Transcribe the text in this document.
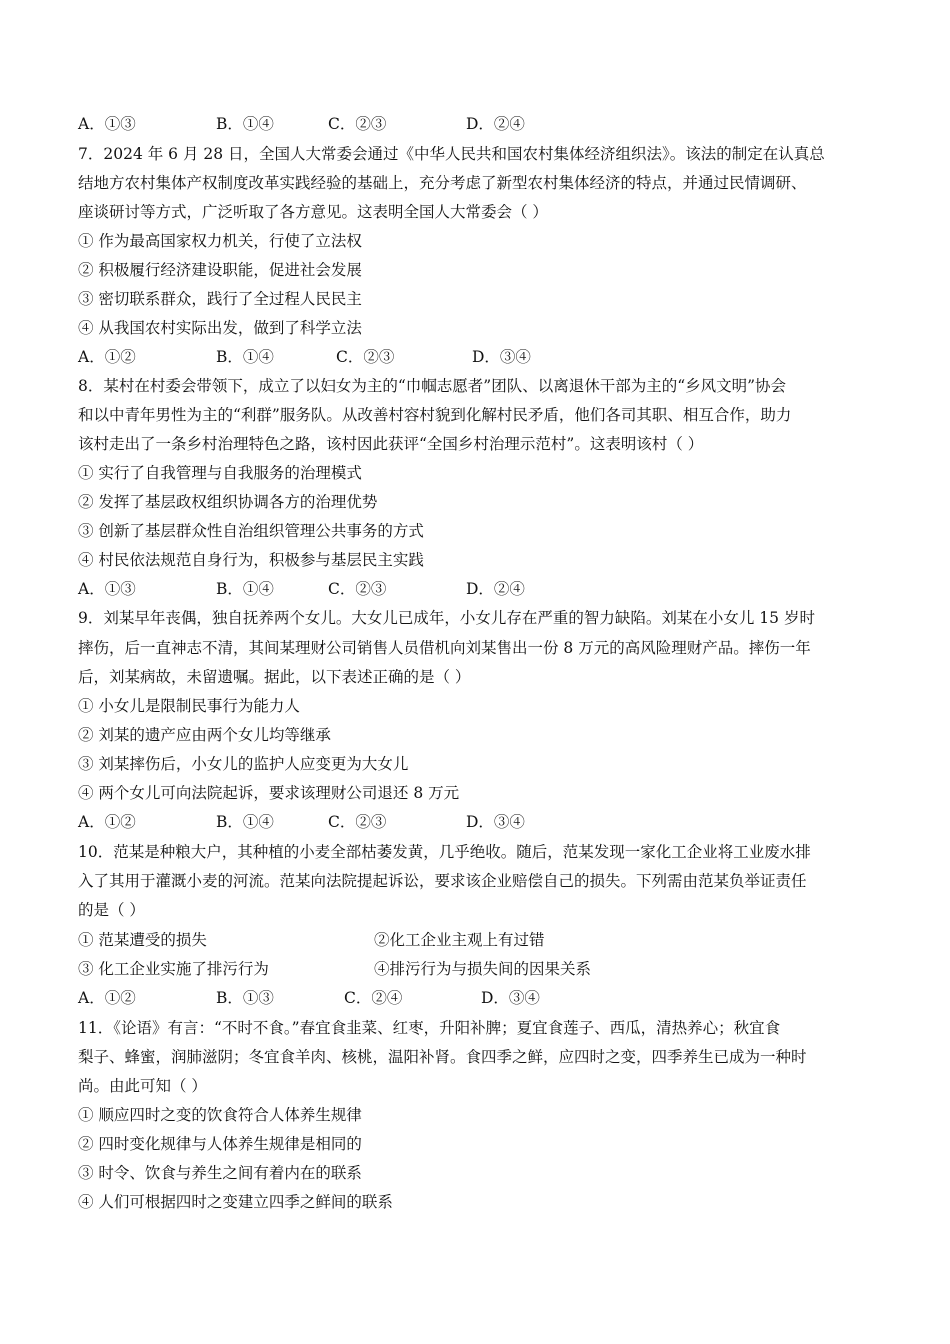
A．①③	B．①④	C．②③	D．②④
7．2024 年 6 月 28 日，全国人大常委会通过《中华人民共和国农村集体经济组织法》。该法的制定在认真总
结地方农村集体产权制度改革实践经验的基础上，充分考虑了新型农村集体经济的特点，并通过民情调研、
座谈研讨等方式，广泛听取了各方意见。这表明全国人大常委会（ ）
① 作为最高国家权力机关，行使了立法权
② 积极履行经济建设职能，促进社会发展
③ 密切联系群众，践行了全过程人民民主
④ 从我国农村实际出发，做到了科学立法
A．①②	B．①④	C．②③	D．③④
8．某村在村委会带领下，成立了以妇女为主的“巾帼志愿者”团队、以离退休干部为主的“乡风文明”协会
和以中青年男性为主的“利群”服务队。从改善村容村貌到化解村民矛盾，他们各司其职、相互合作，助力
该村走出了一条乡村治理特色之路，该村因此获评“全国乡村治理示范村”。这表明该村（ ）
① 实行了自我管理与自我服务的治理模式
② 发挥了基层政权组织协调各方的治理优势
③ 创新了基层群众性自治组织管理公共事务的方式
④ 村民依法规范自身行为，积极参与基层民主实践
A．①③	B．①④	C．②③	D．②④
9．刘某早年丧偶，独自抚养两个女儿。大女儿已成年，小女儿存在严重的智力缺陷。刘某在小女儿 15 岁时
摔伤，后一直神志不清，其间某理财公司销售人员借机向刘某售出一份 8 万元的高风险理财产品。摔伤一年
后，刘某病故，未留遗嘱。据此，以下表述正确的是（ ）
① 小女儿是限制民事行为能力人
② 刘某的遗产应由两个女儿均等继承
③ 刘某摔伤后，小女儿的监护人应变更为大女儿
④ 两个女儿可向法院起诉，要求该理财公司退还 8 万元
A．①②	B．①④	C．②③	D．③④
10．范某是种粮大户，其种植的小麦全部枯萎发黄，几乎绝收。随后，范某发现一家化工企业将工业废水排
入了其用于灌溉小麦的河流。范某向法院提起诉讼，要求该企业赔偿自己的损失。下列需由范某负举证责任
的是（ ）
① 范某遭受的损失	②化工企业主观上有过错
③ 化工企业实施了排污行为	④排污行为与损失间的因果关系
A．①②	B．①③	C．②④	D．③④
11．《论语》有言：“不时不食。”春宜食韭菜、红枣，升阳补脾；夏宜食莲子、西瓜，清热养心；秋宜食
梨子、蜂蜜，润肺滋阴；冬宜食羊肉、核桃，温阳补肾。食四季之鲜，应四时之变，四季养生已成为一种时
尚。由此可知（ ）
① 顺应四时之变的饮食符合人体养生规律
② 四时变化规律与人体养生规律是相同的
③ 时令、饮食与养生之间有着内在的联系
④ 人们可根据四时之变建立四季之鲜间的联系
